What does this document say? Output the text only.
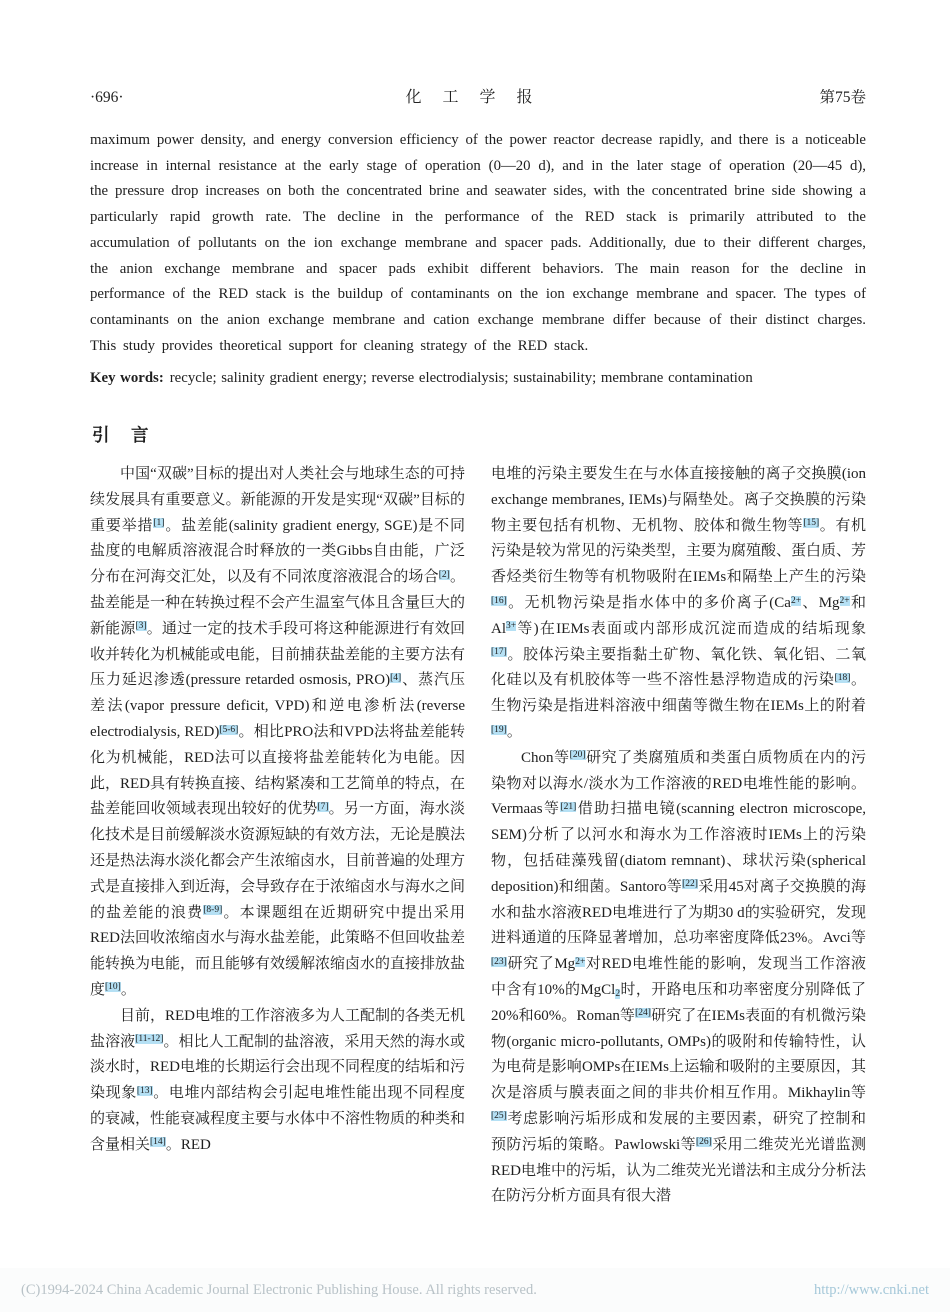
·696·	化 工 学 报	第75卷

maximum power density, and energy conversion efficiency of the power reactor decrease rapidly, and there is a noticeable increase in internal resistance at the early stage of operation (0—20 d), and in the later stage of operation (20—45 d), the pressure drop increases on both the concentrated brine and seawater sides, with the concentrated brine side showing a particularly rapid growth rate. The decline in the performance of the RED stack is primarily attributed to the accumulation of pollutants on the ion exchange membrane and spacer pads. Additionally, due to their different charges, the anion exchange membrane and spacer pads exhibit different behaviors. The main reason for the decline in performance of the RED stack is the buildup of contaminants on the ion exchange membrane and spacer. The types of contaminants on the anion exchange membrane and cation exchange membrane differ because of their distinct charges. This study provides theoretical support for cleaning strategy of the RED stack.

Key words: recycle; salinity gradient energy; reverse electrodialysis; sustainability; membrane contamination

引　言

中国“双碳”目标的提出对人类社会与地球生态的可持续发展具有重要意义。新能源的开发是实现“双碳”目标的重要举措[1]。盐差能(salinity gradient energy, SGE)是不同盐度的电解质溶液混合时释放的一类Gibbs自由能，广泛分布在河海交汇处，以及有不同浓度溶液混合的场合[2]。盐差能是一种在转换过程不会产生温室气体且含量巨大的新能源[3]。通过一定的技术手段可将这种能源进行有效回收并转化为机械能或电能，目前捕获盐差能的主要方法有压力延迟渗透(pressure retarded osmosis, PRO)[4]、蒸汽压差法(vapor pressure deficit, VPD)和逆电渗析法(reverse electrodialysis, RED)[5-6]。相比PRO法和VPD法将盐差能转化为机械能，RED法可以直接将盐差能转化为电能。因此，RED具有转换直接、结构紧凑和工艺简单的特点，在盐差能回收领域表现出较好的优势[7]。另一方面，海水淡化技术是目前缓解淡水资源短缺的有效方法，无论是膜法还是热法海水淡化都会产生浓缩卤水，目前普遍的处理方式是直接排入到近海，会导致存在于浓缩卤水与海水之间的盐差能的浪费[8-9]。本课题组在近期研究中提出采用RED法回收浓缩卤水与海水盐差能，此策略不但回收盐差能转换为电能，而且能够有效缓解浓缩卤水的直接排放盐度[10]。

目前，RED电堆的工作溶液多为人工配制的各类无机盐溶液[11-12]。相比人工配制的盐溶液，采用天然的海水或淡水时，RED电堆的长期运行会出现不同程度的结垢和污染现象[13]。电堆内部结构会引起电堆性能出现不同程度的衰减，性能衰减程度主要与水体中不溶性物质的种类和含量相关[14]。RED

电堆的污染主要发生在与水体直接接触的离子交换膜(ion exchange membranes, IEMs)与隔垫处。离子交换膜的污染物主要包括有机物、无机物、胶体和微生物等[15]。有机污染是较为常见的污染类型，主要为腐殖酸、蛋白质、芳香烃类衍生物等有机物吸附在IEMs和隔垫上产生的污染[16]。无机物污染是指水体中的多价离子($Ca^{2+}$、$Mg^{2+}$和$Al^{3+}$等)在IEMs表面或内部形成沉淀而造成的结垢现象[17]。胶体污染主要指黏土矿物、氧化铁、氧化铝、二氧化硅以及有机胶体等一些不溶性悬浮物造成的污染[18]。生物污染是指进料溶液中细菌等微生物在IEMs上的附着[19]。

Chon等[20]研究了类腐殖质和类蛋白质物质在内的污染物对以海水/淡水为工作溶液的RED电堆性能的影响。Vermaas等[21]借助扫描电镜(scanning electron microscope, SEM)分析了以河水和海水为工作溶液时IEMs上的污染物，包括硅藻残留(diatom remnant)、球状污染(spherical deposition)和细菌。Santoro等[22]采用45对离子交换膜的海水和盐水溶液RED电堆进行了为期30 d的实验研究，发现进料通道的压降显著增加，总功率密度降低23%。Avci等[23]研究了$Mg^{2+}$对RED电堆性能的影响，发现当工作溶液中含有10%的MgCl$_2$时，开路电压和功率密度分别降低了20%和60%。Roman等[24]研究了在IEMs表面的有机微污染物(organic micro-pollutants, OMPs)的吸附和传输特性，认为电荷是影响OMPs在IEMs上运输和吸附的主要原因，其次是溶质与膜表面之间的非共价相互作用。Mikhaylin等[25]考虑影响污垢形成和发展的主要因素，研究了控制和预防污垢的策略。Pawlowski等[26]采用二维荧光光谱监测RED电堆中的污垢，认为二维荧光光谱法和主成分分析法在防污分析方面具有很大潜

(C)1994-2024 China Academic Journal Electronic Publishing House. All rights reserved.	http://www.cnki.net
